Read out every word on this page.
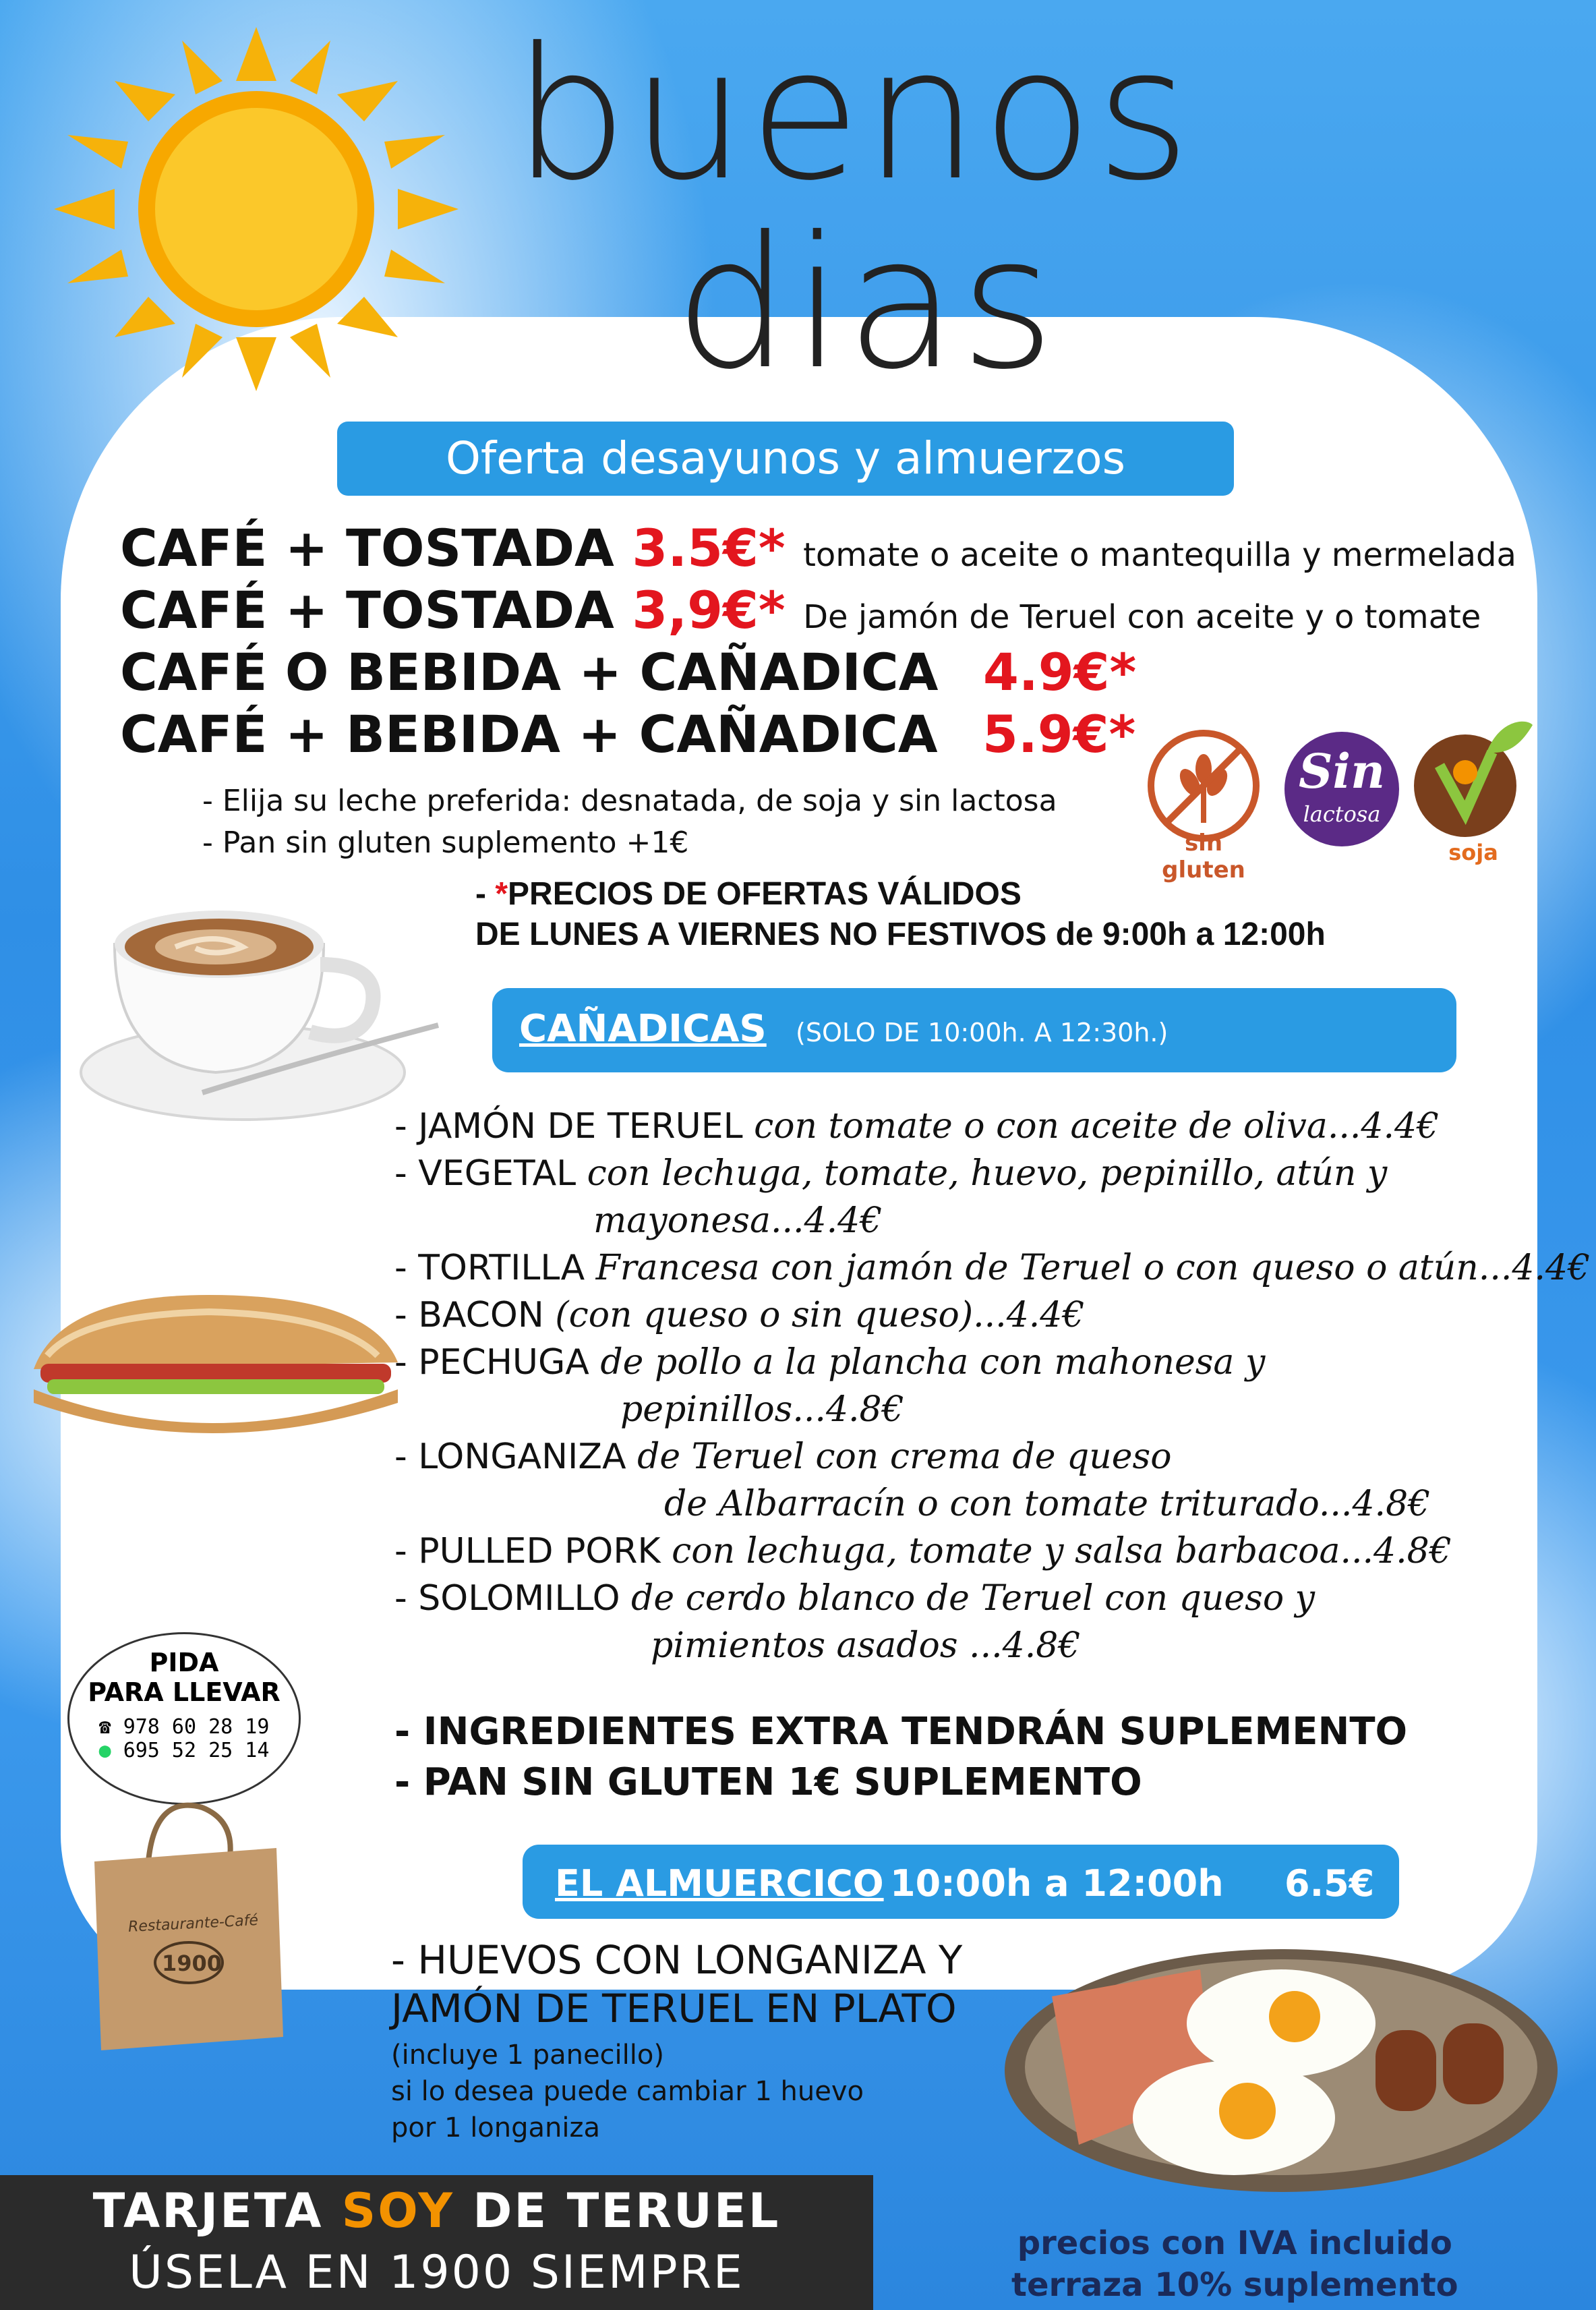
buenos
dias
Oferta desayunos y almuerzos
CAFÉ + TOSTADA 3.5€* tomate o aceite o mantequilla y mermelada
CAFÉ + TOSTADA 3,9€* De jamón de Teruel con aceite y o tomate
CAFÉ O BEBIDA + CAÑADICA 4.9€*
CAFÉ + BEBIDA + CAÑADICA 5.9€*
- Elija su leche preferida: desnatada, de soja y sin lactosa
- Pan sin gluten suplemento +1€	sin gluten
Sin
lactosa
soja
- *PRECIOS DE OFERTAS VÁLIDOS
DE LUNES A VIERNES NO FESTIVOS de 9:00h a 12:00h
CAÑADICAS (SOLO DE 10:00h. A 12:30h.)
- JAMÓN DE TERUEL con tomate o con aceite de oliva...4.4€
- VEGETAL con lechuga, tomate, huevo, pepinillo, atún y
mayonesa...4.4€
- TORTILLA Francesa con jamón de Teruel o con queso o atún...4.4€
- BACON (con queso o sin queso)...4.4€
- PECHUGA de pollo a la plancha con mahonesa y
pepinillos...4.8€
- LONGANIZA de Teruel con crema de queso
de Albarracín o con tomate triturado...4.8€
- PULLED PORK con lechuga, tomate y salsa barbacoa...4.8€
- SOLOMILLO de cerdo blanco de Teruel con queso y
pimientos asados ...4.8€
- INGREDIENTES EXTRA TENDRÁN SUPLEMENTO
- PAN SIN GLUTEN 1€ SUPLEMENTO
PIDA
PARA LLEVAR
☎ 978 60 28 19
● 695 52 25 14
Restaurante-Café
1900
EL ALMUERCICO 10:00h a 12:00h 6.5€
- HUEVOS CON LONGANIZA Y
JAMÓN DE TERUEL EN PLATO
(incluye 1 panecillo)
si lo desea puede cambiar 1 huevo
por 1 longaniza
TARJETA SOY DE TERUEL
ÚSELA EN 1900 SIEMPRE
precios con IVA incluido
terraza 10% suplemento
